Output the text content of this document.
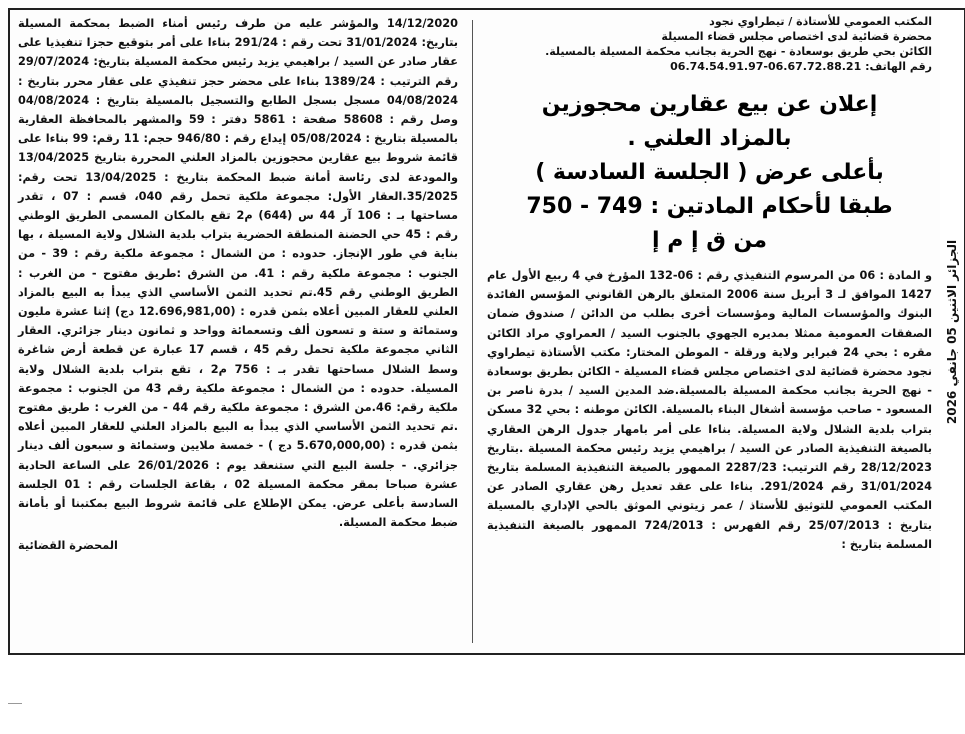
المكتب العمومي للأستاذة / تيطراوي نجود
محضرة قضائية لدى اختصاص مجلس قضاء المسيلة
الكائن بحي طريق بوسعادة - نهج الحرية بجانب محكمة المسيلة بالمسيلة.
رقم الهاتف: 06.67.72.88.21-06.74.54.91.97
إعلان عن بيع عقارين محجوزين
بالمزاد العلني .
بأعلى عرض ( الجلسة السادسة )
طبقا لأحكام المادتين : 749 - 750
من ق إ م إ
و المادة : 06 من المرسوم التنفيذي رقم : 06-132 المؤرخ في 4 ربيع الأول عام 1427 الموافق لـ 3 أبريل سنة 2006 المتعلق بالرهن القانوني المؤسس الفائدة البنوك والمؤسسات المالية ومؤسسات أخرى بطلب من الدائن / صندوق ضمان الصفقات العمومية ممثلا بمديره الجهوي بالجنوب السيد / العمراوي مراد الكائن مقره : بحي 24 فبراير ولاية ورقلة - الموطن المختار: مكتب الأستاذة تيطراوي نجود محضرة قضائية لدى اختصاص مجلس قضاء المسيلة - الكائن بطريق بوسعادة - نهج الحرية بجانب محكمة المسيلة بالمسيلة.ضد المدين السيد / بدرة ناصر بن المسعود - صاحب مؤسسة أشغال البناء بالمسيلة. الكائن موطنه : بحي 32 مسكن بتراب بلدية الشلال ولاية المسيلة. بناءا على أمر بامهار جدول الرهن العقاري بالصيغة التنفيذية الصادر عن السيد / براهيمي يزيد رئيس محكمة المسيلة .بتاريخ 28/12/2023 رقم الترتيب: 2287/23 الممهور بالصيغة التنفيذية المسلمة بتاريخ 31/01/2024 رقم 291/2024. بناءا على عقد تعديل رهن عقاري الصادر عن المكتب العمومي للتوثيق للأستاذ / عمر زيتوني الموثق بالحي الإداري بالمسيلة بتاريخ : 25/07/2013 رقم الفهرس : 724/2013 الممهور بالصيغة التنفيذية المسلمة بتاريخ :
14/12/2020 والمؤشر عليه من طرف رئيس أمناء الضبط بمحكمة المسيلة بتاريخ: 31/01/2024 تحت رقم : 291/24 بناءا على أمر بتوقيع حجزا تنفيذيا على عقار صادر عن السيد / براهيمي يزيد رئيس محكمة المسيلة بتاريخ: 29/07/2024 رقم الترتيب : 1389/24 بناءا على محضر حجز تنفيذي على عقار محرر بتاريخ : 04/08/2024 مسجل بسجل الطابع والتسجيل بالمسيلة بتاريخ : 04/08/2024 وصل رقم : 58608 صفحة : 5861 دفتر : 59 والمشهر بالمحافظة العقارية بالمسيلة بتاريخ : 05/08/2024 إيداع رقم : 946/80 حجم: 11 رقم: 99 بناءا على قائمة شروط بيع عقارين محجوزين بالمزاد العلني المحررة بتاريخ 13/04/2025 والمودعة لدى رئاسة أمانة ضبط المحكمة بتاريخ : 13/04/2025 تحت رقم: 35/2025.العقار الأول: مجموعة ملكية تحمل رقم 040، قسم : 07 ، تقدر مساحتها بـ : 106 آر 44 س (644) م2 تقع بالمكان المسمى الطريق الوطني رقم : 45 حي الحضنة المنطقة الحضرية بتراب بلدية الشلال ولاية المسيلة ، بها بناية في طور الإنجاز. حدوده : من الشمال : مجموعة ملكية رقم : 39 - من الجنوب : مجموعة ملكية رقم : 41. من الشرق :طريق مفتوح - من الغرب : الطريق الوطني رقم 45.تم تحديد الثمن الأساسي الذي يبدأ به البيع بالمزاد العلني للعقار المبين أعلاه بثمن قدره : (12.696,981,00 دج) إثنا عشرة مليون وستمائة و ستة و تسعون ألف وتسعمائة وواحد و ثمانون دينار جزائري. العقار الثاني مجموعة ملكية تحمل رقم 45 ، قسم 17 عبارة عن قطعة أرض شاغرة وسط الشلال مساحتها تقدر بـ : 756 م2 ، تقع بتراب بلدية الشلال ولاية المسيلة. حدوده : من الشمال : مجموعة ملكية رقم 43 من الجنوب : مجموعة ملكية رقم: 46.من الشرق : مجموعة ملكية رقم 44 - من الغرب : طريق مفتوح .تم تحديد الثمن الأساسي الذي يبدأ به البيع بالمزاد العلني للعقار المبين أعلاه بثمن قدره : (5.670,000,00 دج ) - خمسة ملايين وستمائة و سبعون ألف دينار جزائري. - جلسة البيع التي ستنعقد يوم : 26/01/2026 على الساعة الحادية عشرة صباحا بمقر محكمة المسيلة 02 ، بقاعة الجلسات رقم : 01 الجلسة السادسة بأعلى عرض. يمكن الإطلاع على قائمة شروط البيع بمكتبنا أو بأمانة ضبط محكمة المسيلة.
المحضرة القضائية
الجزائر الاثنين 05 جانفي 2026
